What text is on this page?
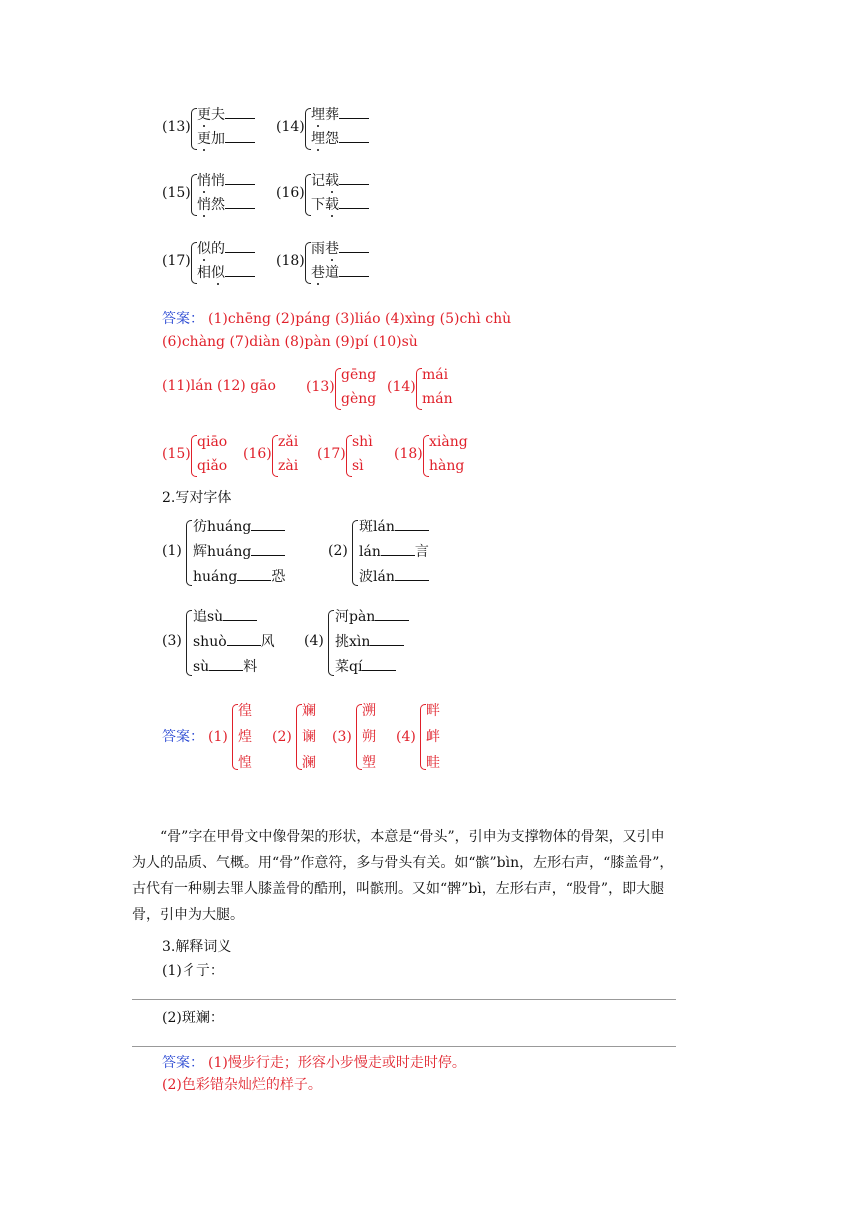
(13)
更夫
更加
(14)
埋葬
埋怨
(15)
悄悄
悄然
(16)
记载
下载
(17)
似的
相似
(18)
雨巷
巷道
答案： (1)chēng (2)páng (3)liáo (4)xìng (5)chì chù
(6)chàng (7)diàn (8)pàn (9)pí (10)sù
(11)lán (12) gāo (13)
gēng
gèng
(14)
mái
mán
(15)
qiāo
qiǎo
(16)
zǎi
zài
(17)
shì
sì
(18)
xiàng
hàng
2.写对字体
(1)
彷huáng
辉huáng
huáng 恐
(2)
斑lán
lán 言
波lán
(3)
追sù
shuò 风
sù 料
(4)
河pàn
挑xìn
菜qí
答案： (1)
徨
煌
惶
(2)
斓
谰
澜
(3)
溯
朔
塑
(4)
畔
衅
畦
“骨”字在甲骨文中像骨架的形状，本意是“骨头”，引申为支撑物体的骨架，又引申为人的品质、气概。用“骨”作意符，多与骨头有关。如“髌”bìn，左形右声，“膝盖骨”，古代有一种剔去罪人膝盖骨的酷刑，叫髌刑。又如“髀”bì，左形右声，“股骨”，即大腿骨，引申为大腿。
3.解释词义
(1)彳亍：
(2)斑斓：
答案： (1)慢步行走；形容小步慢走或时走时停。
(2)色彩错杂灿烂的样子。
